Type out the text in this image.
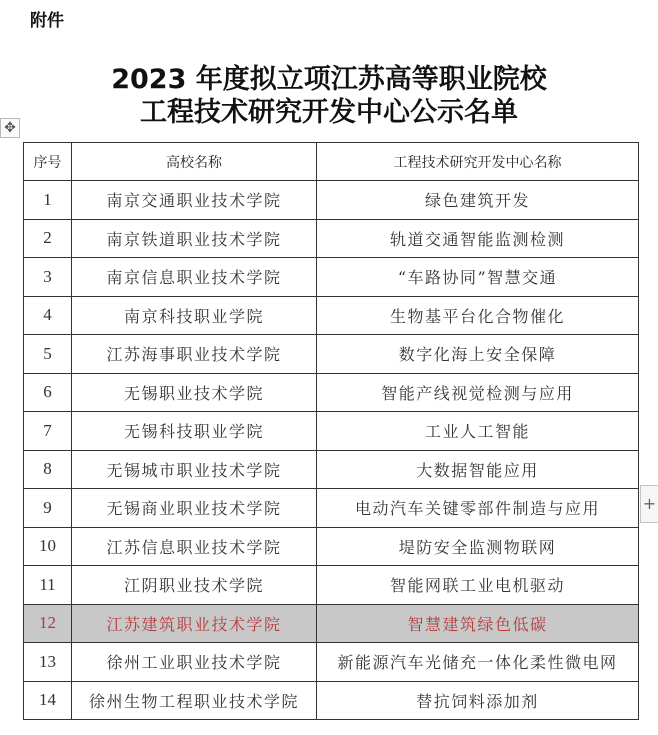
附件
2023 年度拟立项江苏高等职业院校
工程技术研究开发中心公示名单
✥
序号	高校名称	工程技术研究开发中心名称
1	南京交通职业技术学院	绿色建筑开发
2	南京铁道职业技术学院	轨道交通智能监测检测
3	南京信息职业技术学院	“车路协同”智慧交通
4	南京科技职业学院	生物基平台化合物催化
5	江苏海事职业技术学院	数字化海上安全保障
6	无锡职业技术学院	智能产线视觉检测与应用
7	无锡科技职业学院	工业人工智能
8	无锡城市职业技术学院	大数据智能应用
9	无锡商业职业技术学院	电动汽车关键零部件制造与应用
10	江苏信息职业技术学院	堤防安全监测物联网
11	江阴职业技术学院	智能网联工业电机驱动
12	江苏建筑职业技术学院	智慧建筑绿色低碳
13	徐州工业职业技术学院	新能源汽车光储充一体化柔性微电网
14	徐州生物工程职业技术学院	替抗饲料添加剂
+
